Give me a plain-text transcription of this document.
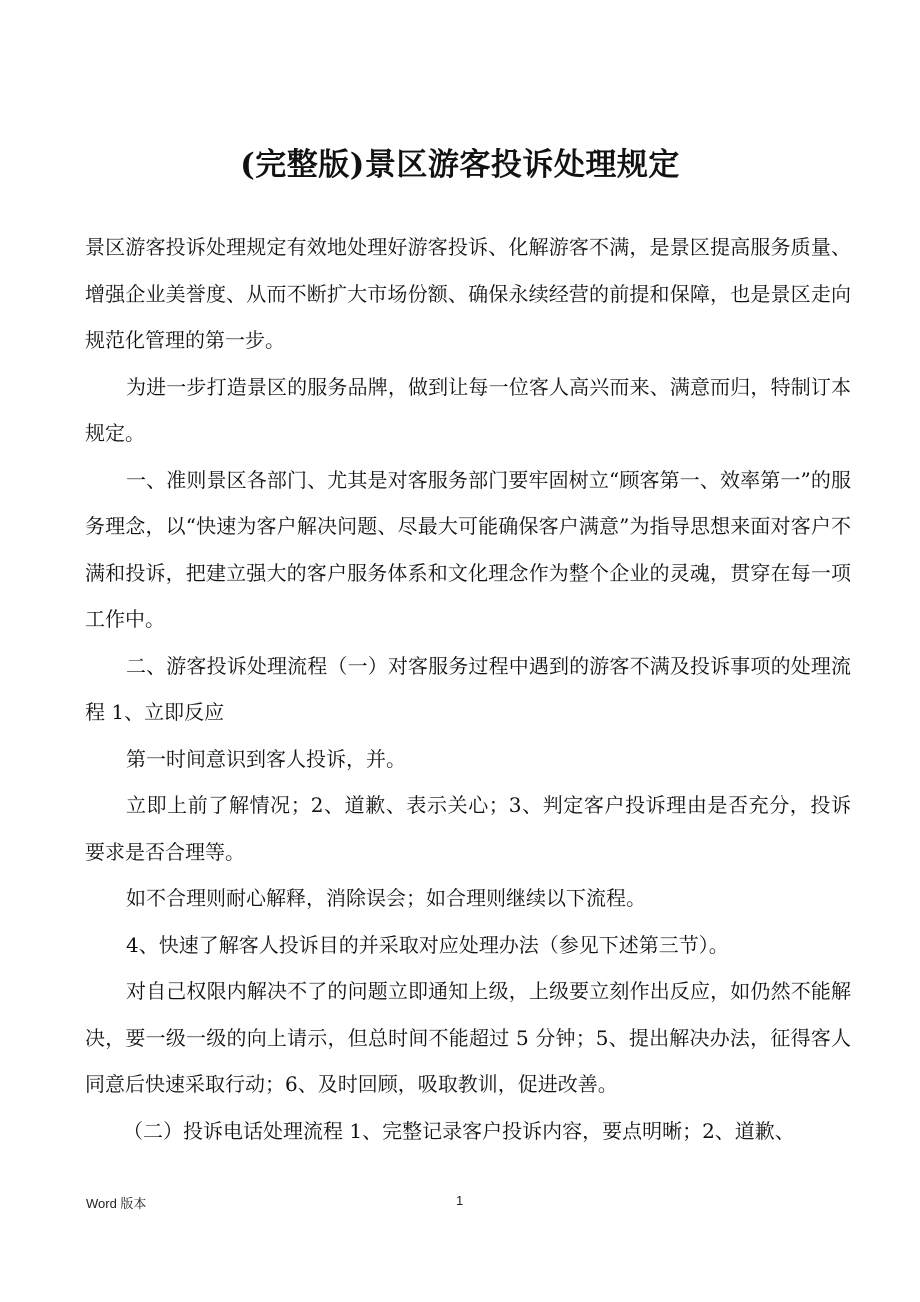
(完整版)景区游客投诉处理规定

景区游客投诉处理规定有效地处理好游客投诉、化解游客不满，是景区提高服务质量、增强企业美誉度、从而不断扩大市场份额、确保永续经营的前提和保障，也是景区走向规范化管理的第一步。

为进一步打造景区的服务品牌，做到让每一位客人高兴而来、满意而归，特制订本规定。

一、准则景区各部门、尤其是对客服务部门要牢固树立“顾客第一、效率第一”的服务理念，以“快速为客户解决问题、尽最大可能确保客户满意”为指导思想来面对客户不满和投诉，把建立强大的客户服务体系和文化理念作为整个企业的灵魂，贯穿在每一项工作中。

二、游客投诉处理流程（一）对客服务过程中遇到的游客不满及投诉事项的处理流程 1、立即反应

第一时间意识到客人投诉，并。

立即上前了解情况；2、道歉、表示关心；3、判定客户投诉理由是否充分，投诉要求是否合理等。

如不合理则耐心解释，消除误会；如合理则继续以下流程。

4、快速了解客人投诉目的并采取对应处理办法（参见下述第三节）。

对自己权限内解决不了的问题立即通知上级，上级要立刻作出反应，如仍然不能解决，要一级一级的向上请示，但总时间不能超过 5 分钟；5、提出解决办法，征得客人同意后快速采取行动；6、及时回顾，吸取教训，促进改善。

（二）投诉电话处理流程 1、完整记录客户投诉内容，要点明晰；2、道歉、

Word 版本	1
